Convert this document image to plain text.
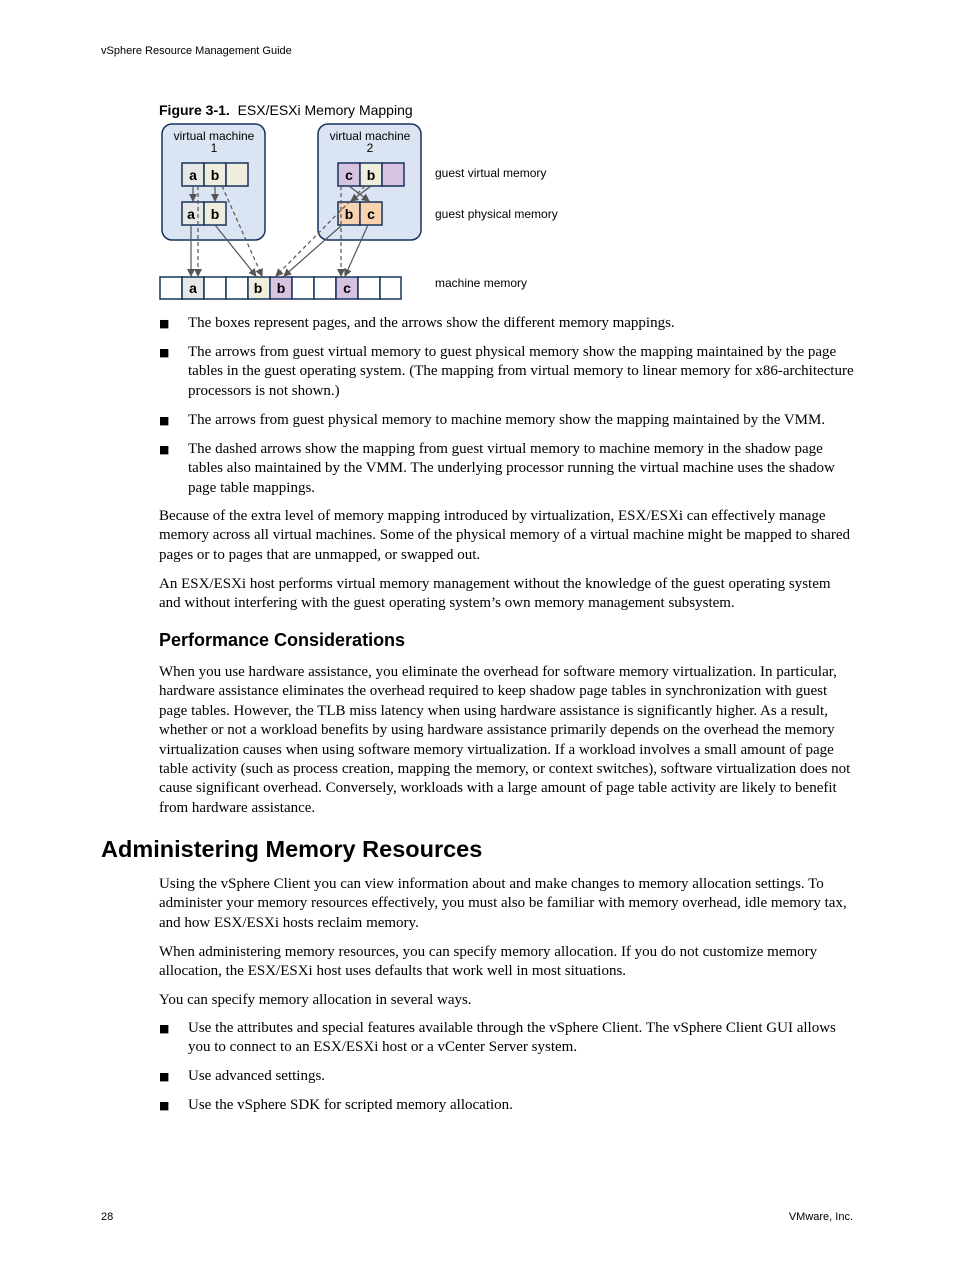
vSphere Resource Management Guide
Figure 3-1. ESX/ESXi Memory Mapping
virtual machine
1
virtual machine
2
a b
a b
c b
b c
a	b b	c
guest virtual memory
guest physical memory
machine memory
■ The boxes represent pages, and the arrows show the different memory mappings.
■ The arrows from guest virtual memory to guest physical memory show the mapping maintained by the page tables in the guest operating system. (The mapping from virtual memory to linear memory for x86-architecture processors is not shown.)
■ The arrows from guest physical memory to machine memory show the mapping maintained by the VMM.
■ The dashed arrows show the mapping from guest virtual memory to machine memory in the shadow page tables also maintained by the VMM. The underlying processor running the virtual machine uses the shadow page table mappings.

Because of the extra level of memory mapping introduced by virtualization, ESX/ESXi can effectively manage memory across all virtual machines. Some of the physical memory of a virtual machine might be mapped to shared pages or to pages that are unmapped, or swapped out.

An ESX/ESXi host performs virtual memory management without the knowledge of the guest operating system and without interfering with the guest operating system’s own memory management subsystem.

Performance Considerations

When you use hardware assistance, you eliminate the overhead for software memory virtualization. In particular, hardware assistance eliminates the overhead required to keep shadow page tables in synchronization with guest page tables. However, the TLB miss latency when using hardware assistance is significantly higher. As a result, whether or not a workload benefits by using hardware assistance primarily depends on the overhead the memory virtualization causes when using software memory virtualization. If a workload involves a small amount of page table activity (such as process creation, mapping the memory, or context switches), software virtualization does not cause significant overhead. Conversely, workloads with a large amount of page table activity are likely to benefit from hardware assistance.

Administering Memory Resources

Using the vSphere Client you can view information about and make changes to memory allocation settings. To administer your memory resources effectively, you must also be familiar with memory overhead, idle memory tax, and how ESX/ESXi hosts reclaim memory.

When administering memory resources, you can specify memory allocation. If you do not customize memory allocation, the ESX/ESXi host uses defaults that work well in most situations.

You can specify memory allocation in several ways.

■ Use the attributes and special features available through the vSphere Client. The vSphere Client GUI allows you to connect to an ESX/ESXi host or a vCenter Server system.
■ Use advanced settings.
■ Use the vSphere SDK for scripted memory allocation.
28	VMware, Inc.
